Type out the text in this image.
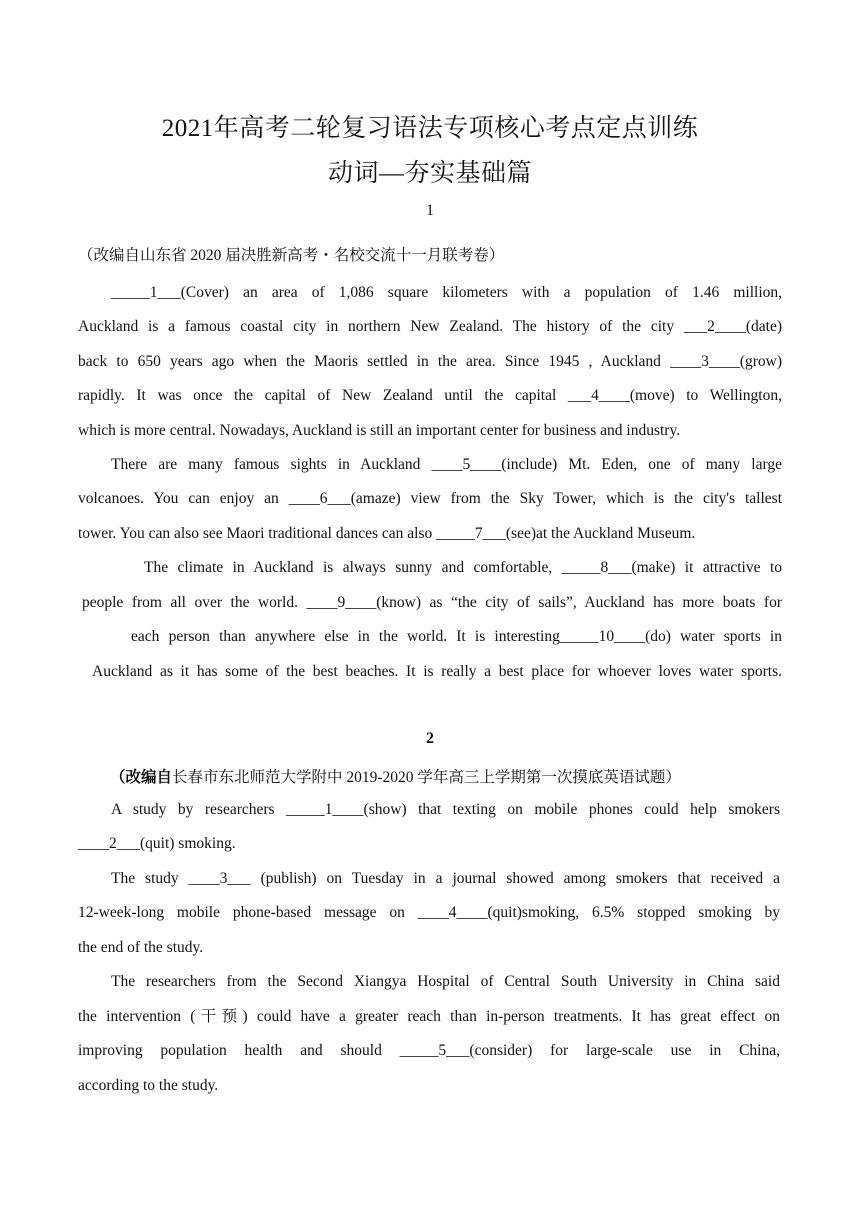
2021年高考二轮复习语法专项核心考点定点训练
动词—夯实基础篇
1
（改编自山东省 2020 届决胜新高考・名校交流十一月联考卷）
_____1___(Cover) an area of 1,086 square kilometers with a population of 1.46 million,
Auckland is a famous coastal city in northern New Zealand. The history of the city ___2____(date)
back to 650 years ago when the Maoris settled in the area. Since 1945 , Auckland ____3____(grow)
rapidly. It was once the capital of New Zealand until the capital ___4____(move) to Wellington,
which is more central. Nowadays, Auckland is still an important center for business and industry.
There are many famous sights in Auckland ____5____(include) Mt. Eden, one of many large
volcanoes. You can enjoy an ____6___(amaze) view from the Sky Tower, which is the city's tallest
tower. You can also see Maori traditional dances can also _____7___(see)at the Auckland Museum.
The climate in Auckland is always sunny and comfortable, _____8___(make) it attractive to
people from all over the world. ____9____(know) as “the city of sails”, Auckland has more boats for
each person than anywhere else in the world. It is interesting_____10____(do) water sports in
Auckland as it has some of the best beaches. It is really a best place for whoever loves water sports.
2
（改编自长春市东北师范大学附中 2019-2020 学年高三上学期第一次摸底英语试题）
A study by researchers _____1____(show) that texting on mobile phones could help smokers
____2___(quit) smoking.
The study ____3___ (publish) on Tuesday in a journal showed among smokers that received a
12-week-long mobile phone-based message on ____4____(quit)smoking, 6.5% stopped smoking by
the end of the study.
The researchers from the Second Xiangya Hospital of Central South University in China said
the intervention (干预) could have a greater reach than in-person treatments. It has great effect on
improving population health and should _____5___(consider) for large-scale use in China,
according to the study.
